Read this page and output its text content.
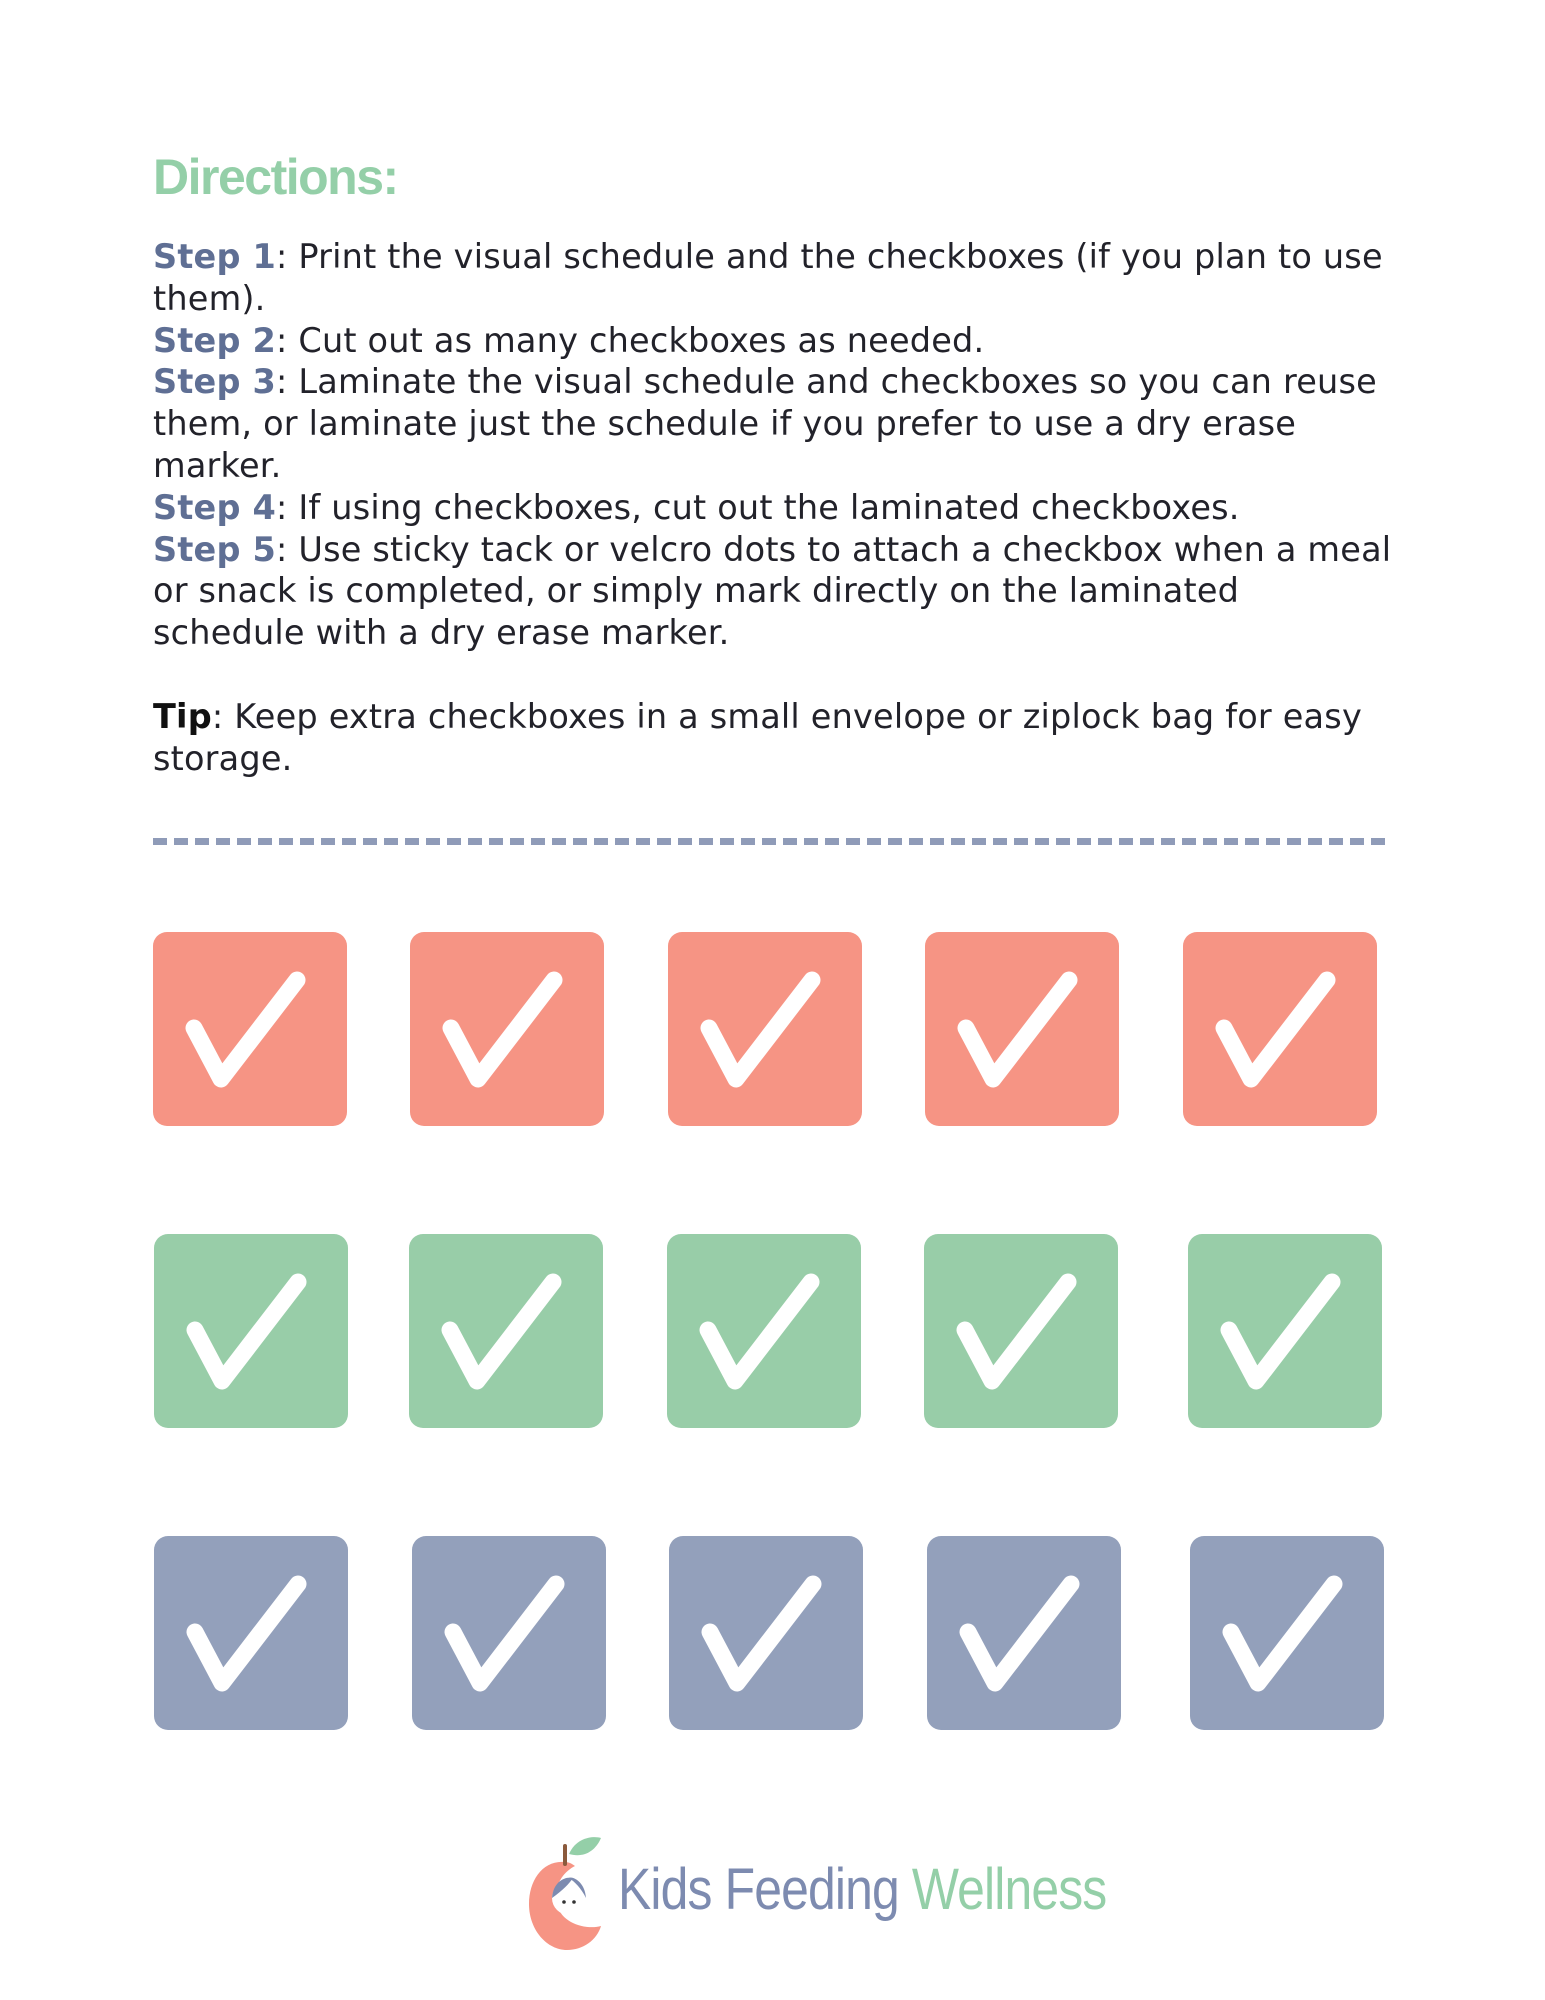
Directions:
Step 1: Print the visual schedule and the checkboxes (if you plan to use them).
Step 2: Cut out as many checkboxes as needed.
Step 3: Laminate the visual schedule and checkboxes so you can reuse them, or laminate just the schedule if you prefer to use a dry erase marker.
Step 4: If using checkboxes, cut out the laminated checkboxes.
Step 5: Use sticky tack or velcro dots to attach a checkbox when a meal or snack is completed, or simply mark directly on the laminated schedule with a dry erase marker.
Tip: Keep extra checkboxes in a small envelope or ziplock bag for easy storage.
Kids Feeding Wellness
